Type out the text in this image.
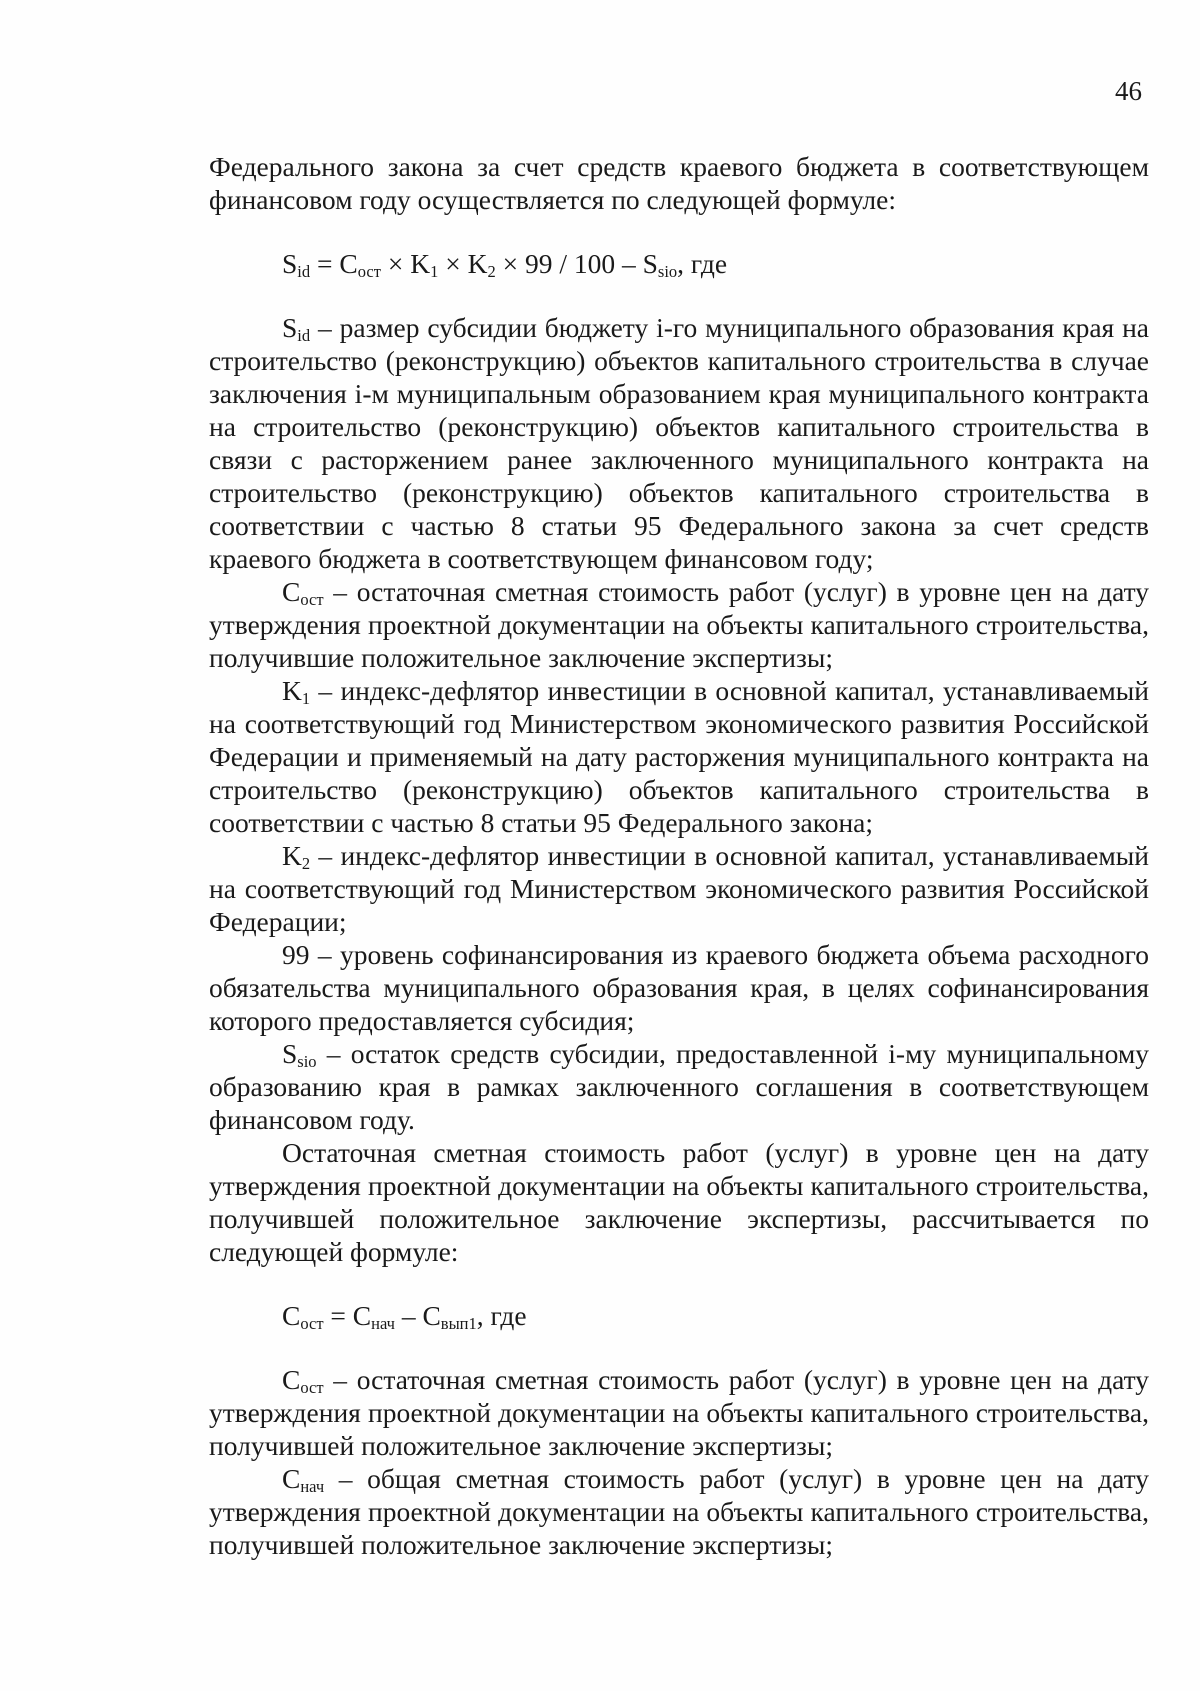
46

Федерального закона за счет средств краевого бюджета в соответствующем финансовом году осуществляется по следующей формуле:

$S_{id} = C_{ост} \times K_1 \times K_2 \times 99 / 100 - S_{sio}$, где

$S_{id}$ – размер субсидии бюджету i-го муниципального образования края на строительство (реконструкцию) объектов капитального строительства в случае заключения i-м муниципальным образованием края муниципального контракта на строительство (реконструкцию) объектов капитального строительства в связи с расторжением ранее заключенного муниципального контракта на строительство (реконструкцию) объектов капитального строительства в соответствии с частью 8 статьи 95 Федерального закона за счет средств краевого бюджета в соответствующем финансовом году;

$C_{ост}$ – остаточная сметная стоимость работ (услуг) в уровне цен на дату утверждения проектной документации на объекты капитального строительства, получившие положительное заключение экспертизы;

$K_1$ – индекс-дефлятор инвестиции в основной капитал, устанавливаемый на соответствующий год Министерством экономического развития Российской Федерации и применяемый на дату расторжения муниципального контракта на строительство (реконструкцию) объектов капитального строительства в соответствии с частью 8 статьи 95 Федерального закона;

$K_2$ – индекс-дефлятор инвестиции в основной капитал, устанавливаемый на соответствующий год Министерством экономического развития Российской Федерации;

99 – уровень софинансирования из краевого бюджета объема расходного обязательства муниципального образования края, в целях софинансирования которого предоставляется субсидия;

$S_{sio}$ – остаток средств субсидии, предоставленной i-му муниципальному образованию края в рамках заключенного соглашения в соответствующем финансовом году.

Остаточная сметная стоимость работ (услуг) в уровне цен на дату утверждения проектной документации на объекты капитального строительства, получившей положительное заключение экспертизы, рассчитывается по следующей формуле:

$C_{ост} = C_{нач} - C_{вып1}$, где

$C_{ост}$ – остаточная сметная стоимость работ (услуг) в уровне цен на дату утверждения проектной документации на объекты капитального строительства, получившей положительное заключение экспертизы;

$C_{нач}$ – общая сметная стоимость работ (услуг) в уровне цен на дату утверждения проектной документации на объекты капитального строительства, получившей положительное заключение экспертизы;
